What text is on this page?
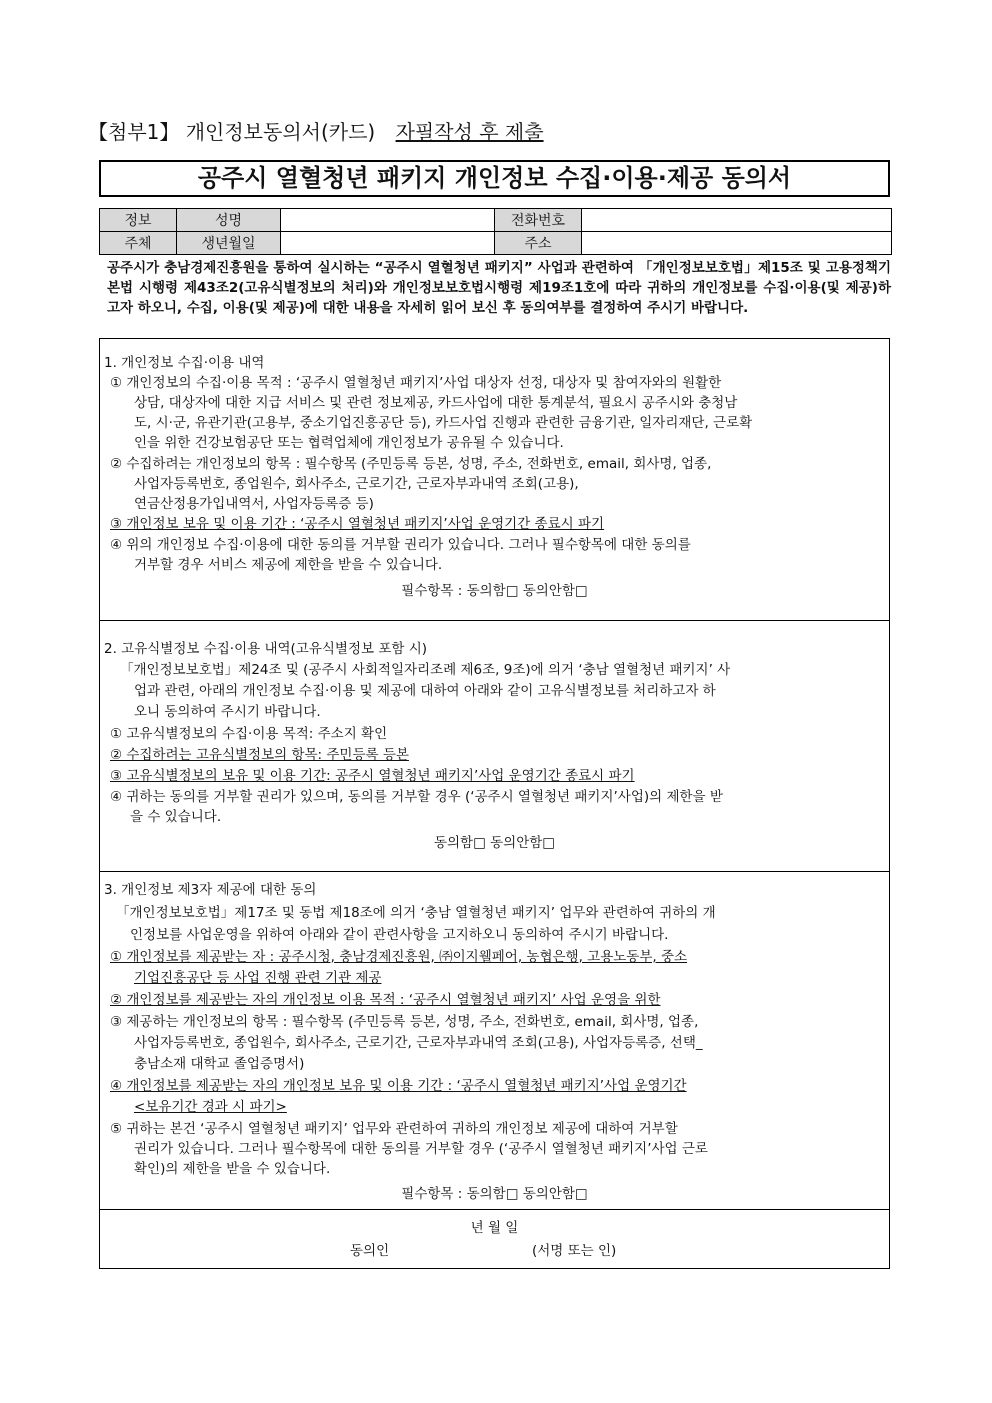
【첨부1】 개인정보동의서(카드) 자필작성 후 제출
공주시 열혈청년 패키지 개인정보 수집·이용·제공 동의서
정보	성명		전화번호	
주체	생년월일		주소	
공주시가 충남경제진흥원을 통하여 실시하는 “공주시 열혈청년 패키지” 사업과 관련하여 「개인정보보호법」제15조 및 고용정책기본법 시행령 제43조2(고유식별정보의 처리)와 개인정보보호법시행령 제19조1호에 따라 귀하의 개인정보를 수집·이용(및 제공)하고자 하오니, 수집, 이용(및 제공)에 대한 내용을 자세히 읽어 보신 후 동의여부를 결정하여 주시기 바랍니다.
1. 개인정보 수집·이용 내역
① 개인정보의 수집·이용 목적 : ‘공주시 열혈청년 패키지’사업 대상자 선정, 대상자 및 참여자와의 원활한
상담, 대상자에 대한 지급 서비스 및 관련 정보제공, 카드사업에 대한 통계분석, 필요시 공주시와 충청남
도, 시·군, 유관기관(고용부, 중소기업진흥공단 등), 카드사업 진행과 관련한 금융기관, 일자리재단, 근로확
인을 위한 건강보험공단 또는 협력업체에 개인정보가 공유될 수 있습니다.
② 수집하려는 개인정보의 항목 : 필수항목 (주민등록 등본, 성명, 주소, 전화번호, email, 회사명, 업종,
사업자등록번호, 종업원수, 회사주소, 근로기간, 근로자부과내역 조회(고용),
연금산정용가입내역서, 사업자등록증 등)
③ 개인정보 보유 및 이용 기간 : ‘공주시 열혈청년 패키지’사업 운영기간 종료시 파기
④ 위의 개인정보 수집·이용에 대한 동의를 거부할 권리가 있습니다. 그러나 필수항목에 대한 동의를
거부할 경우 서비스 제공에 제한을 받을 수 있습니다.
필수항목 : 동의함□ 동의안함□
2. 고유식별정보 수집·이용 내역(고유식별정보 포함 시)
「개인정보보호법」제24조 및 (공주시 사회적일자리조례 제6조, 9조)에 의거 ‘충남 열혈청년 패키지’ 사
업과 관련, 아래의 개인정보 수집·이용 및 제공에 대하여 아래와 같이 고유식별정보를 처리하고자 하
오니 동의하여 주시기 바랍니다.
① 고유식별정보의 수집·이용 목적: 주소지 확인
② 수집하려는 고유식별정보의 항목: 주민등록 등본
③ 고유식별정보의 보유 및 이용 기간: 공주시 열혈청년 패키지’사업 운영기간 종료시 파기
④ 귀하는 동의를 거부할 권리가 있으며, 동의를 거부할 경우 (‘공주시 열혈청년 패키지’사업)의 제한을 받
을 수 있습니다.
동의함□ 동의안함□
3. 개인정보 제3자 제공에 대한 동의
「개인정보보호법」제17조 및 동법 제18조에 의거 ‘충남 열혈청년 패키지’ 업무와 관련하여 귀하의 개
인정보를 사업운영을 위하여 아래와 같이 관련사항을 고지하오니 동의하여 주시기 바랍니다.
① 개인정보를 제공받는 자 : 공주시청, 충남경제진흥원, ㈜이지웰페어, 농협은행, 고용노동부, 중소
기업진흥공단 등 사업 진행 관련 기관 제공
② 개인정보를 제공받는 자의 개인정보 이용 목적 : ‘공주시 열혈청년 패키지’ 사업 운영을 위한
③ 제공하는 개인정보의 항목 : 필수항목 (주민등록 등본, 성명, 주소, 전화번호, email, 회사명, 업종,
사업자등록번호, 종업원수, 회사주소, 근로기간, 근로자부과내역 조회(고용), 사업자등록증, 선택_
충남소재 대학교 졸업증명서)
④ 개인정보를 제공받는 자의 개인정보 보유 및 이용 기간 : ‘공주시 열혈청년 패키지’사업 운영기간
<보유기간 경과 시 파기>
⑤ 귀하는 본건 ‘공주시 열혈청년 패키지’ 업무와 관련하여 귀하의 개인정보 제공에 대하여 거부할
권리가 있습니다. 그러나 필수항목에 대한 동의를 거부할 경우 (‘공주시 열혈청년 패키지’사업 근로
확인)의 제한을 받을 수 있습니다.
필수항목 : 동의함□ 동의안함□
년 월 일
동의인	(서명 또는 인)
